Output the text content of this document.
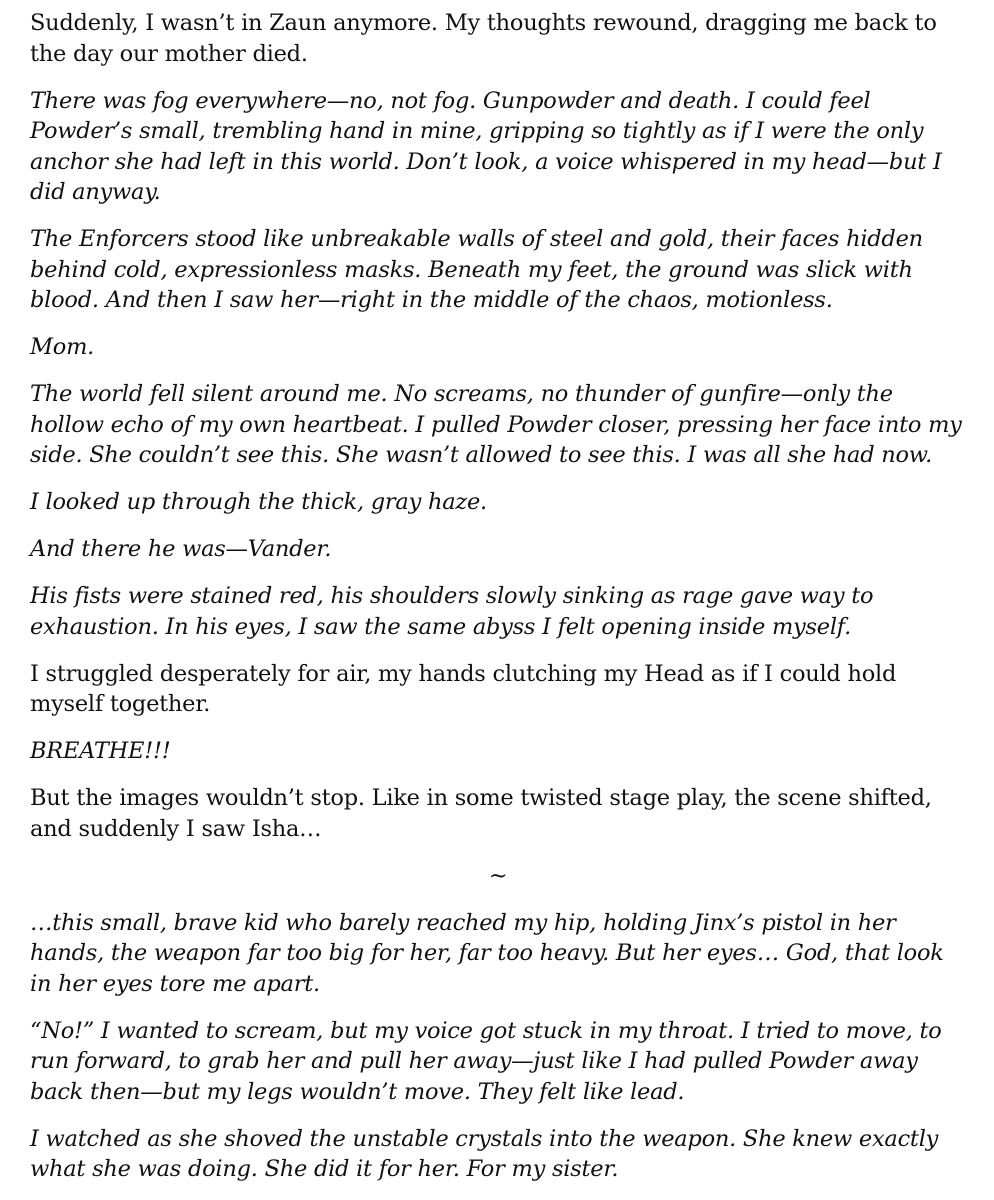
Suddenly, I wasn’t in Zaun anymore. My thoughts rewound, dragging me back to the day our mother died.

There was fog everywhere—no, not fog. Gunpowder and death. I could feel Powder’s small, trembling hand in mine, gripping so tightly as if I were the only anchor she had left in this world. Don’t look, a voice whispered in my head—but I did anyway.

The Enforcers stood like unbreakable walls of steel and gold, their faces hidden behind cold, expressionless masks. Beneath my feet, the ground was slick with blood. And then I saw her—right in the middle of the chaos, motionless.

Mom.

The world fell silent around me. No screams, no thunder of gunfire—only the hollow echo of my own heartbeat. I pulled Powder closer, pressing her face into my side. She couldn’t see this. She wasn’t allowed to see this. I was all she had now.

I looked up through the thick, gray haze.

And there he was—Vander.

His fists were stained red, his shoulders slowly sinking as rage gave way to exhaustion. In his eyes, I saw the same abyss I felt opening inside myself.

I struggled desperately for air, my hands clutching my Head as if I could hold myself together.

BREATHE!!!

But the images wouldn’t stop. Like in some twisted stage play, the scene shifted, and suddenly I saw Isha…

~

…this small, brave kid who barely reached my hip, holding Jinx’s pistol in her hands, the weapon far too big for her, far too heavy. But her eyes… God, that look in her eyes tore me apart.

“No!” I wanted to scream, but my voice got stuck in my throat. I tried to move, to run forward, to grab her and pull her away—just like I had pulled Powder away back then—but my legs wouldn’t move. They felt like lead.

I watched as she shoved the unstable crystals into the weapon. She knew exactly what she was doing. She did it for her. For my sister.
